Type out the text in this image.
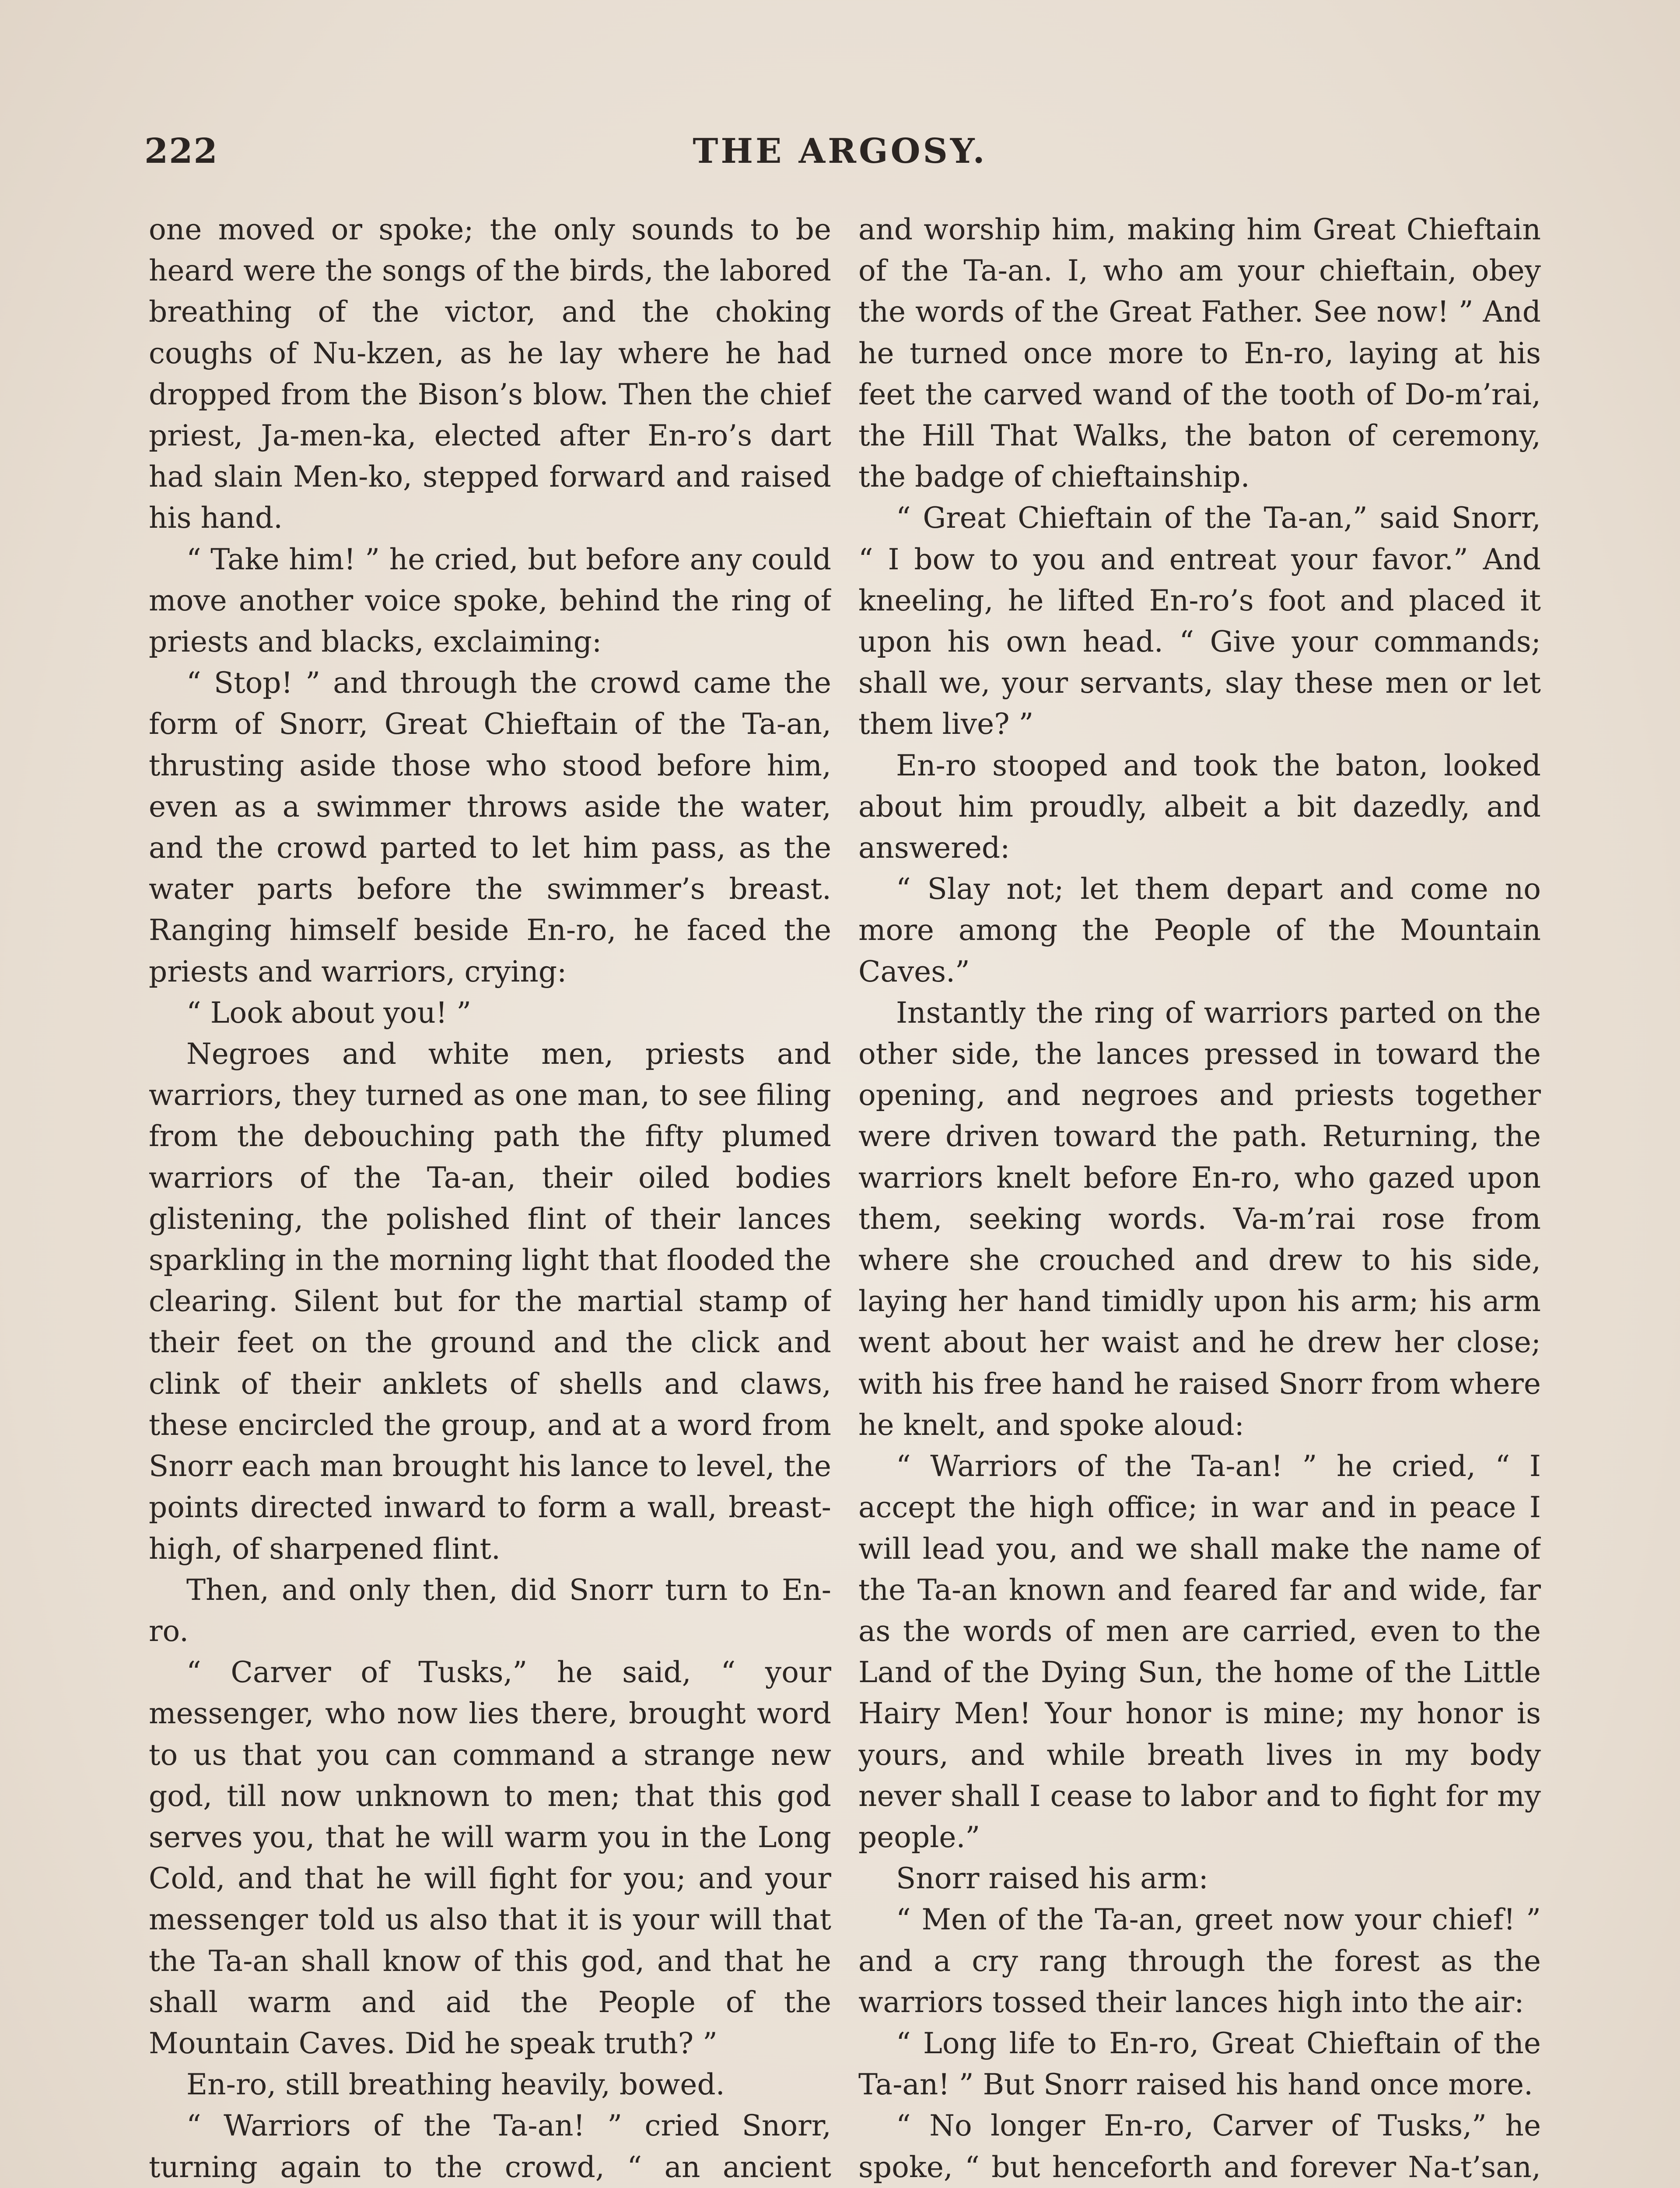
222	THE ARGOSY.

one moved or spoke; the only sounds to be heard were the songs of the birds, the labored breathing of the victor, and the choking coughs of Nu-kzen, as he lay where he had dropped from the Bison’s blow. Then the chief priest, Ja-men-ka, elected after En-ro’s dart had slain Men-ko, stepped forward and raised his hand.

“ Take him! ” he cried, but before any could move another voice spoke, behind the ring of priests and blacks, exclaiming:

“ Stop! ” and through the crowd came the form of Snorr, Great Chieftain of the Ta-an, thrusting aside those who stood before him, even as a swimmer throws aside the water, and the crowd parted to let him pass, as the water parts before the swimmer’s breast. Ranging himself beside En-ro, he faced the priests and warriors, crying:

“ Look about you! ”

Negroes and white men, priests and warriors, they turned as one man, to see filing from the debouching path the fifty plumed warriors of the Ta-an, their oiled bodies glistening, the polished flint of their lances sparkling in the morning light that flooded the clearing. Silent but for the martial stamp of their feet on the ground and the click and clink of their anklets of shells and claws, these encircled the group, and at a word from Snorr each man brought his lance to level, the points directed inward to form a wall, breast-high, of sharpened flint.

Then, and only then, did Snorr turn to En-ro.

“ Carver of Tusks,” he said, “ your messenger, who now lies there, brought word to us that you can command a strange new god, till now unknown to men; that this god serves you, that he will warm you in the Long Cold, and that he will fight for you; and your messenger told us also that it is your will that the Ta-an shall know of this god, and that he shall warm and aid the People of the Mountain Caves. Did he speak truth? ”

En-ro, still breathing heavily, bowed.

“ Warriors of the Ta-an! ” cried Snorr, turning again to the crowd, “ an ancient

and worship him, making him Great Chieftain of the Ta-an. I, who am your chieftain, obey the words of the Great Father. See now! ” And he turned once more to En-ro, laying at his feet the carved wand of the tooth of Do-m’rai, the Hill That Walks, the baton of ceremony, the badge of chieftainship.

“ Great Chieftain of the Ta-an,” said Snorr, “ I bow to you and entreat your favor.” And kneeling, he lifted En-ro’s foot and placed it upon his own head. “ Give your commands; shall we, your servants, slay these men or let them live? ”

En-ro stooped and took the baton, looked about him proudly, albeit a bit dazedly, and answered:

“ Slay not; let them depart and come no more among the People of the Mountain Caves.”

Instantly the ring of warriors parted on the other side, the lances pressed in toward the opening, and negroes and priests together were driven toward the path. Returning, the warriors knelt before En-ro, who gazed upon them, seeking words. Va-m’rai rose from where she crouched and drew to his side, laying her hand timidly upon his arm; his arm went about her waist and he drew her close; with his free hand he raised Snorr from where he knelt, and spoke aloud:

“ Warriors of the Ta-an! ” he cried, “ I accept the high office; in war and in peace I will lead you, and we shall make the name of the Ta-an known and feared far and wide, far as the words of men are carried, even to the Land of the Dying Sun, the home of the Little Hairy Men! Your honor is mine; my honor is yours, and while breath lives in my body never shall I cease to labor and to fight for my people.”

Snorr raised his arm:

“ Men of the Ta-an, greet now your chief! ” and a cry rang through the forest as the warriors tossed their lances high into the air:

“ Long life to En-ro, Great Chieftain of the Ta-an! ” But Snorr raised his hand once more.

“ No longer En-ro, Carver of Tusks,” he spoke, “ but henceforth and forever Na-t’san,
